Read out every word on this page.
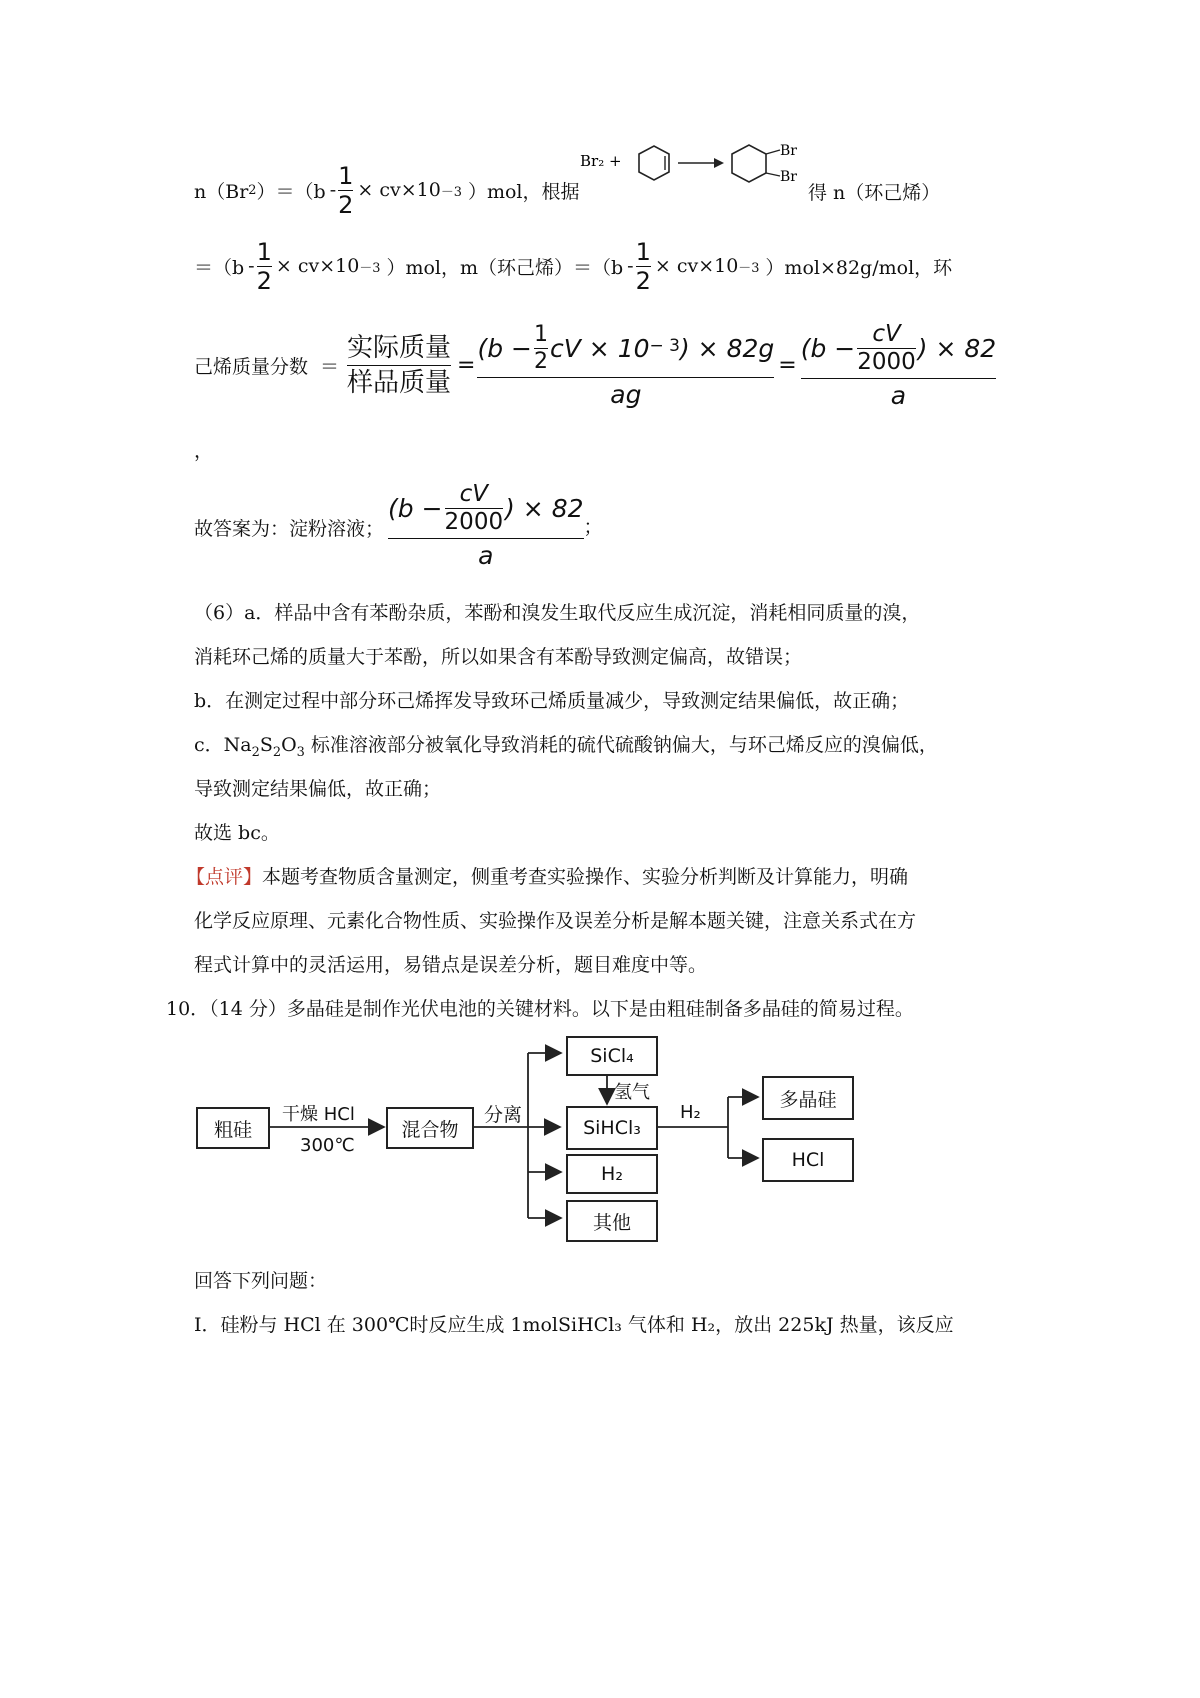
n（Br 2 ）$=(b - \frac{1}{2} \times cv\times 10 -3$ ）mol，根据
Br₂ +
Br
Br
得 n（环己烯）
$=(b - \frac{1}{2} \times cv\times 10 -3$ ）mol，m（环己烯）$=(b - \frac{1}{2} \times cv\times 10 -3$ ）mol×82g/mol，环
己烯质量分数 ＝ $\frac{\text{实际质量}}{\text{样品质量}}$ =
($b - \frac{1}{2}$ cV × 10 − 3 ) × 82g
ag
=
($b - \frac{cV}{2000}$ ) × 82
a
，
故答案为：淀粉溶液；
($b - \frac{cV}{2000}$ ) × 82
a
；
（6）a．样品中含有苯酚杂质，苯酚和溴发生取代反应生成沉淀，消耗相同质量的溴，
消耗环己烯的质量大于苯酚，所以如果含有苯酚导致测定偏高，故错误；
b．在测定过程中部分环己烯挥发导致环己烯质量减少，导致测定结果偏低，故正确；
c．$Na_2S_2O_3$ 标准溶液部分被氧化导致消耗的硫代硫酸钠偏大，与环己烯反应的溴偏低，
导致测定结果偏低，故正确；
故选 bc。
【点评】本题考查物质含量测定，侧重考查实验操作、实验分析判断及计算能力，明确
化学反应原理、元素化合物性质、实验操作及误差分析是解本题关键，注意关系式在方
程式计算中的灵活运用，易错点是误差分析，题目难度中等。
10．（14 分）多晶硅是制作光伏电池的关键材料。以下是由粗硅制备多晶硅的简易过程。
粗硅
干燥 HCl
300℃
混合物
分离
SiCl₄
氢气
SiHCl₃
H₂
其他
H₂
多晶硅
HCl
回答下列问题：
Ⅰ．硅粉与 HCl 在 300℃时反应生成 1molSiHCl₃ 气体和 H₂，放出 225kJ 热量，该反应
